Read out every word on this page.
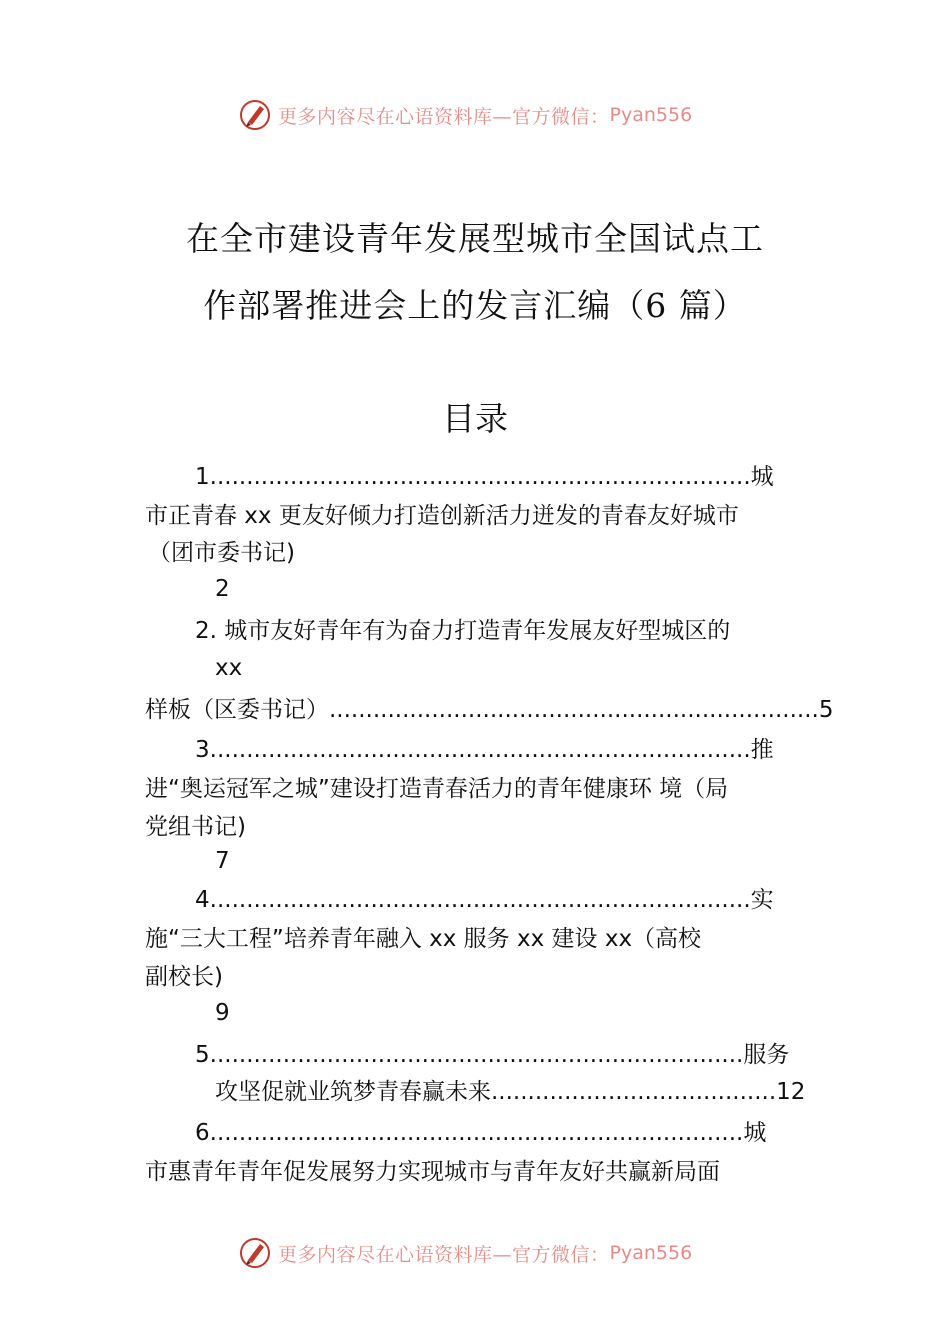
更多内容尽在心语资料库—官方微信： Pyan556
在全市建设青年发展型城市全国试点工
作部署推进会上的发言汇编（6 篇）
目录
1..........................................................................城
市正青春 xx 更友好倾力打造创新活力迸发的青春友好城市
（团市委书记)
2
2. 城市友好青年有为奋力打造青年发展友好型城区的
xx
样板（区委书记）...................................................................5
3..........................................................................推
进“奥运冠军之城”建设打造青春活力的青年健康环 境（局
党组书记)
7
4..........................................................................实
施“三大工程”培养青年融入 xx 服务 xx 建设 xx（高校
副校长)
9
5.........................................................................服务
攻坚促就业筑梦青春赢未来.......................................12
6.........................................................................城
市惠青年青年促发展努力实现城市与青年友好共赢新局面
更多内容尽在心语资料库—官方微信： Pyan556
